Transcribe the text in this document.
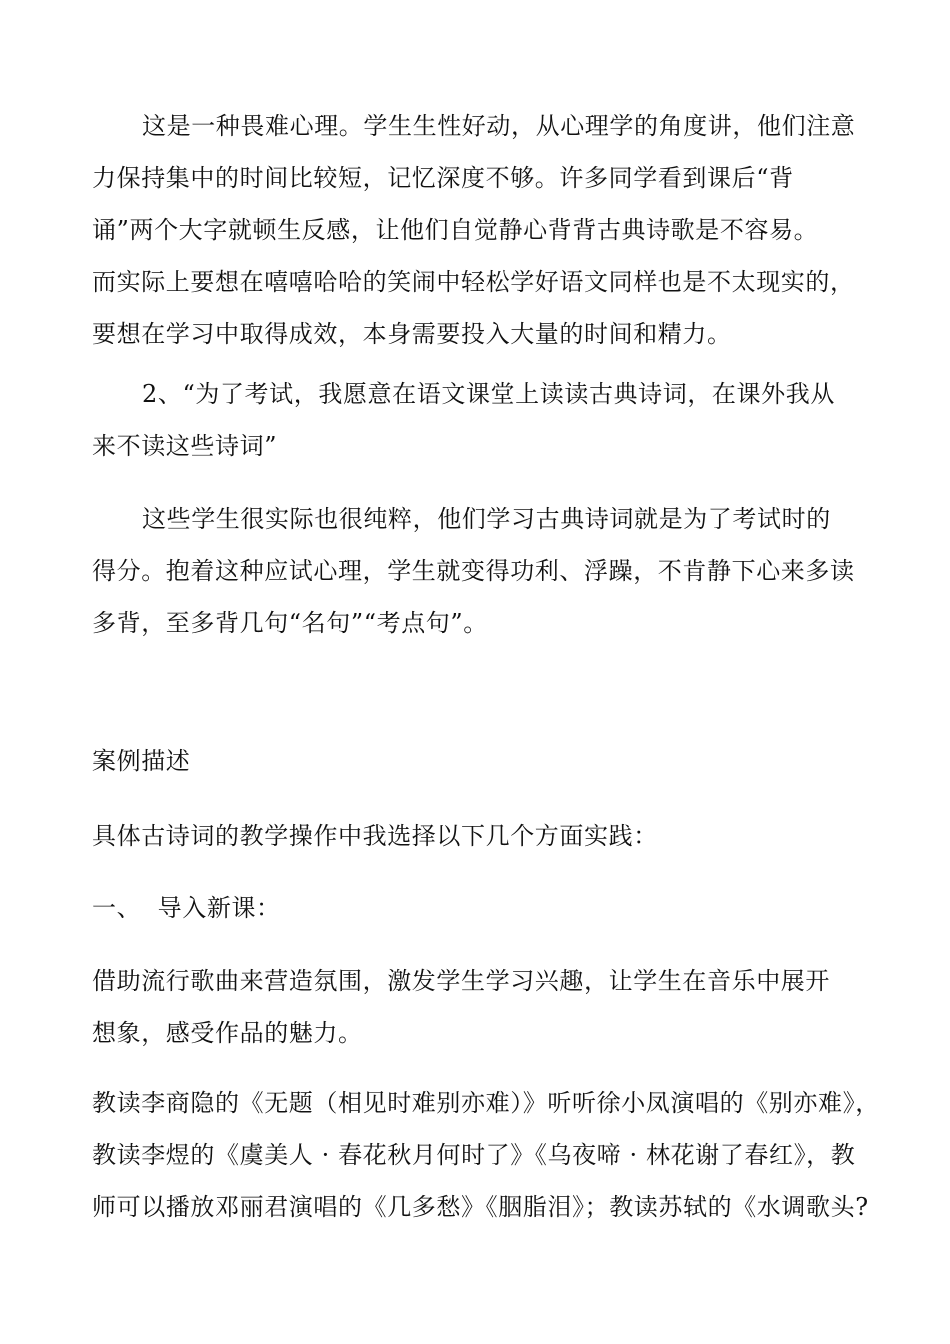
这是一种畏难心理。学生生性好动，从心理学的角度讲，他们注意
力保持集中的时间比较短，记忆深度不够。许多同学看到课后“背
诵”两个大字就顿生反感，让他们自觉静心背背古典诗歌是不容易。
而实际上要想在嘻嘻哈哈的笑闹中轻松学好语文同样也是不太现实的，
要想在学习中取得成效，本身需要投入大量的时间和精力。

2、“为了考试，我愿意在语文课堂上读读古典诗词，在课外我从
来不读这些诗词”

这些学生很实际也很纯粹，他们学习古典诗词就是为了考试时的
得分。抱着这种应试心理，学生就变得功利、浮躁，不肯静下心来多读
多背，至多背几句“名句”“考点句”。

案例描述

具体古诗词的教学操作中我选择以下几个方面实践：

一、  导入新课：

借助流行歌曲来营造氛围，激发学生学习兴趣，让学生在音乐中展开
想象，感受作品的魅力。

教读李商隐的《无题（相见时难别亦难）》听听徐小凤演唱的《别亦难》，
教读李煜的《虞美人 · 春花秋月何时了》《乌夜啼 · 林花谢了春红》，教
师可以播放邓丽君演唱的《几多愁》《胭脂泪》；教读苏轼的《水调歌头?
